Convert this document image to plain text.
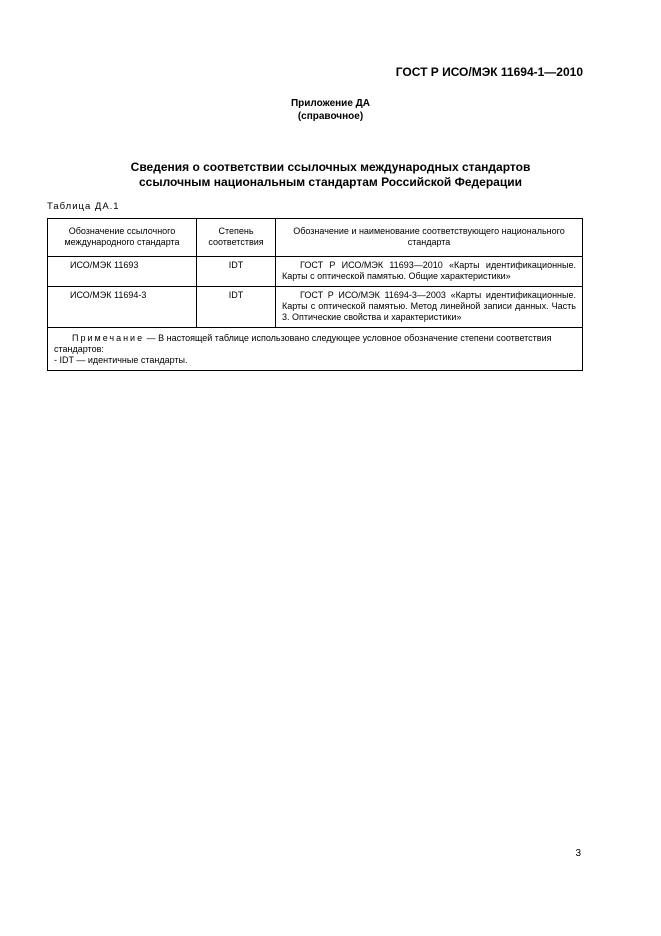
ГОСТ Р ИСО/МЭК 11694-1—2010
Приложение ДА
(справочное)
Сведения о соответствии ссылочных международных стандартов
ссылочным национальным стандартам Российской Федерации
Таблица ДА.1
Обозначение ссылочного международного стандарта	Степень соответствия	Обозначение и наименование соответствующего национального стандарта
ИСО/МЭК 11693	IDT	ГОСТ Р ИСО/МЭК 11693—2010 «Карты идентификационные. Карты с оптической памятью. Общие характеристики»
ИСО/МЭК 11694-3	IDT	ГОСТ Р ИСО/МЭК 11694-3—2003 «Карты идентификационные. Карты с оптической памятью. Метод линейной записи данных. Часть 3. Оптические свойства и характеристики»

Примечание — В настоящей таблице использовано следующее условное обозначение степени соответствия стандартов:

- IDT — идентичные стандарты.		
3
